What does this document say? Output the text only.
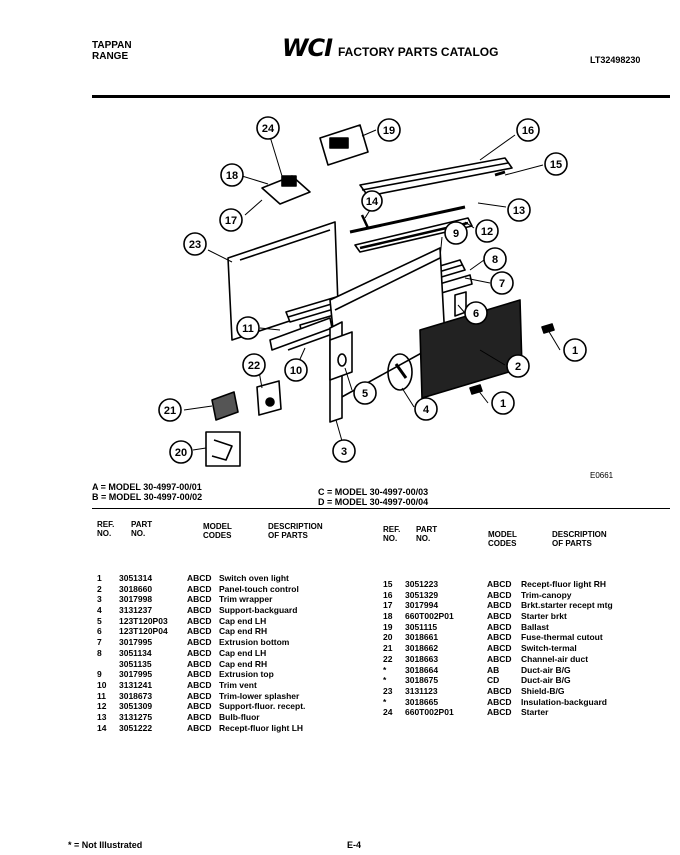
TAPPAN
RANGE	WCI FACTORY PARTS CATALOG
LT32498230
1
1
2
3
4
5
6
7
8
9
10
11
12
13
14
15
16
17
18
19
20
21
22
23
24
E0661
A = MODEL 30-4997-00/01
B = MODEL 30-4997-00/02	C = MODEL 30-4997-00/03
D = MODEL 30-4997-00/04
REF.
NO.
PART
NO.
MODEL
CODES
DESCRIPTION
OF PARTS
REF.
NO.
PART
NO.	MODEL
CODES
DESCRIPTION
OF PARTS
1	3051314	ABCD Switch oven light
2	3018660	ABCD Panel-touch control
3	3017998	ABCD Trim wrapper
4	3131237	ABCD Support-backguard
5	123T120P03	ABCD Cap end LH
6	123T120P04	ABCD Cap end RH
7	3017995	ABCD Extrusion bottom
8	3051134	ABCD Cap end LH
3051135	ABCD Cap end RH
9	3017995	ABCD Extrusion top
10	3131241	ABCD Trim vent
11	3018673	ABCD Trim-lower splasher
12	3051309	ABCD Support-fluor. recept.
13	3131275	ABCD Bulb-fluor
14	3051222	ABCD Recept-fluor light LH
15	3051223	ABCD	Recept-fluor light RH
16	3051329	ABCD	Trim-canopy
17	3017994	ABCD	Brkt.starter recept mtg
18	660T002P01	ABCD	Starter brkt
19	3051115	ABCD	Ballast
20	3018661	ABCD	Fuse-thermal cutout
21	3018662	ABCD	Switch-termal
22	3018663	ABCD	Channel-air duct
*	3018664	AB	Duct-air B/G
*	3018675	CD	Duct-air B/G
23	3131123	ABCD	Shield-B/G
*	3018665	ABCD	Insulation-backguard
24	660T002P01	ABCD	Starter
* = Not Illustrated	E-4
